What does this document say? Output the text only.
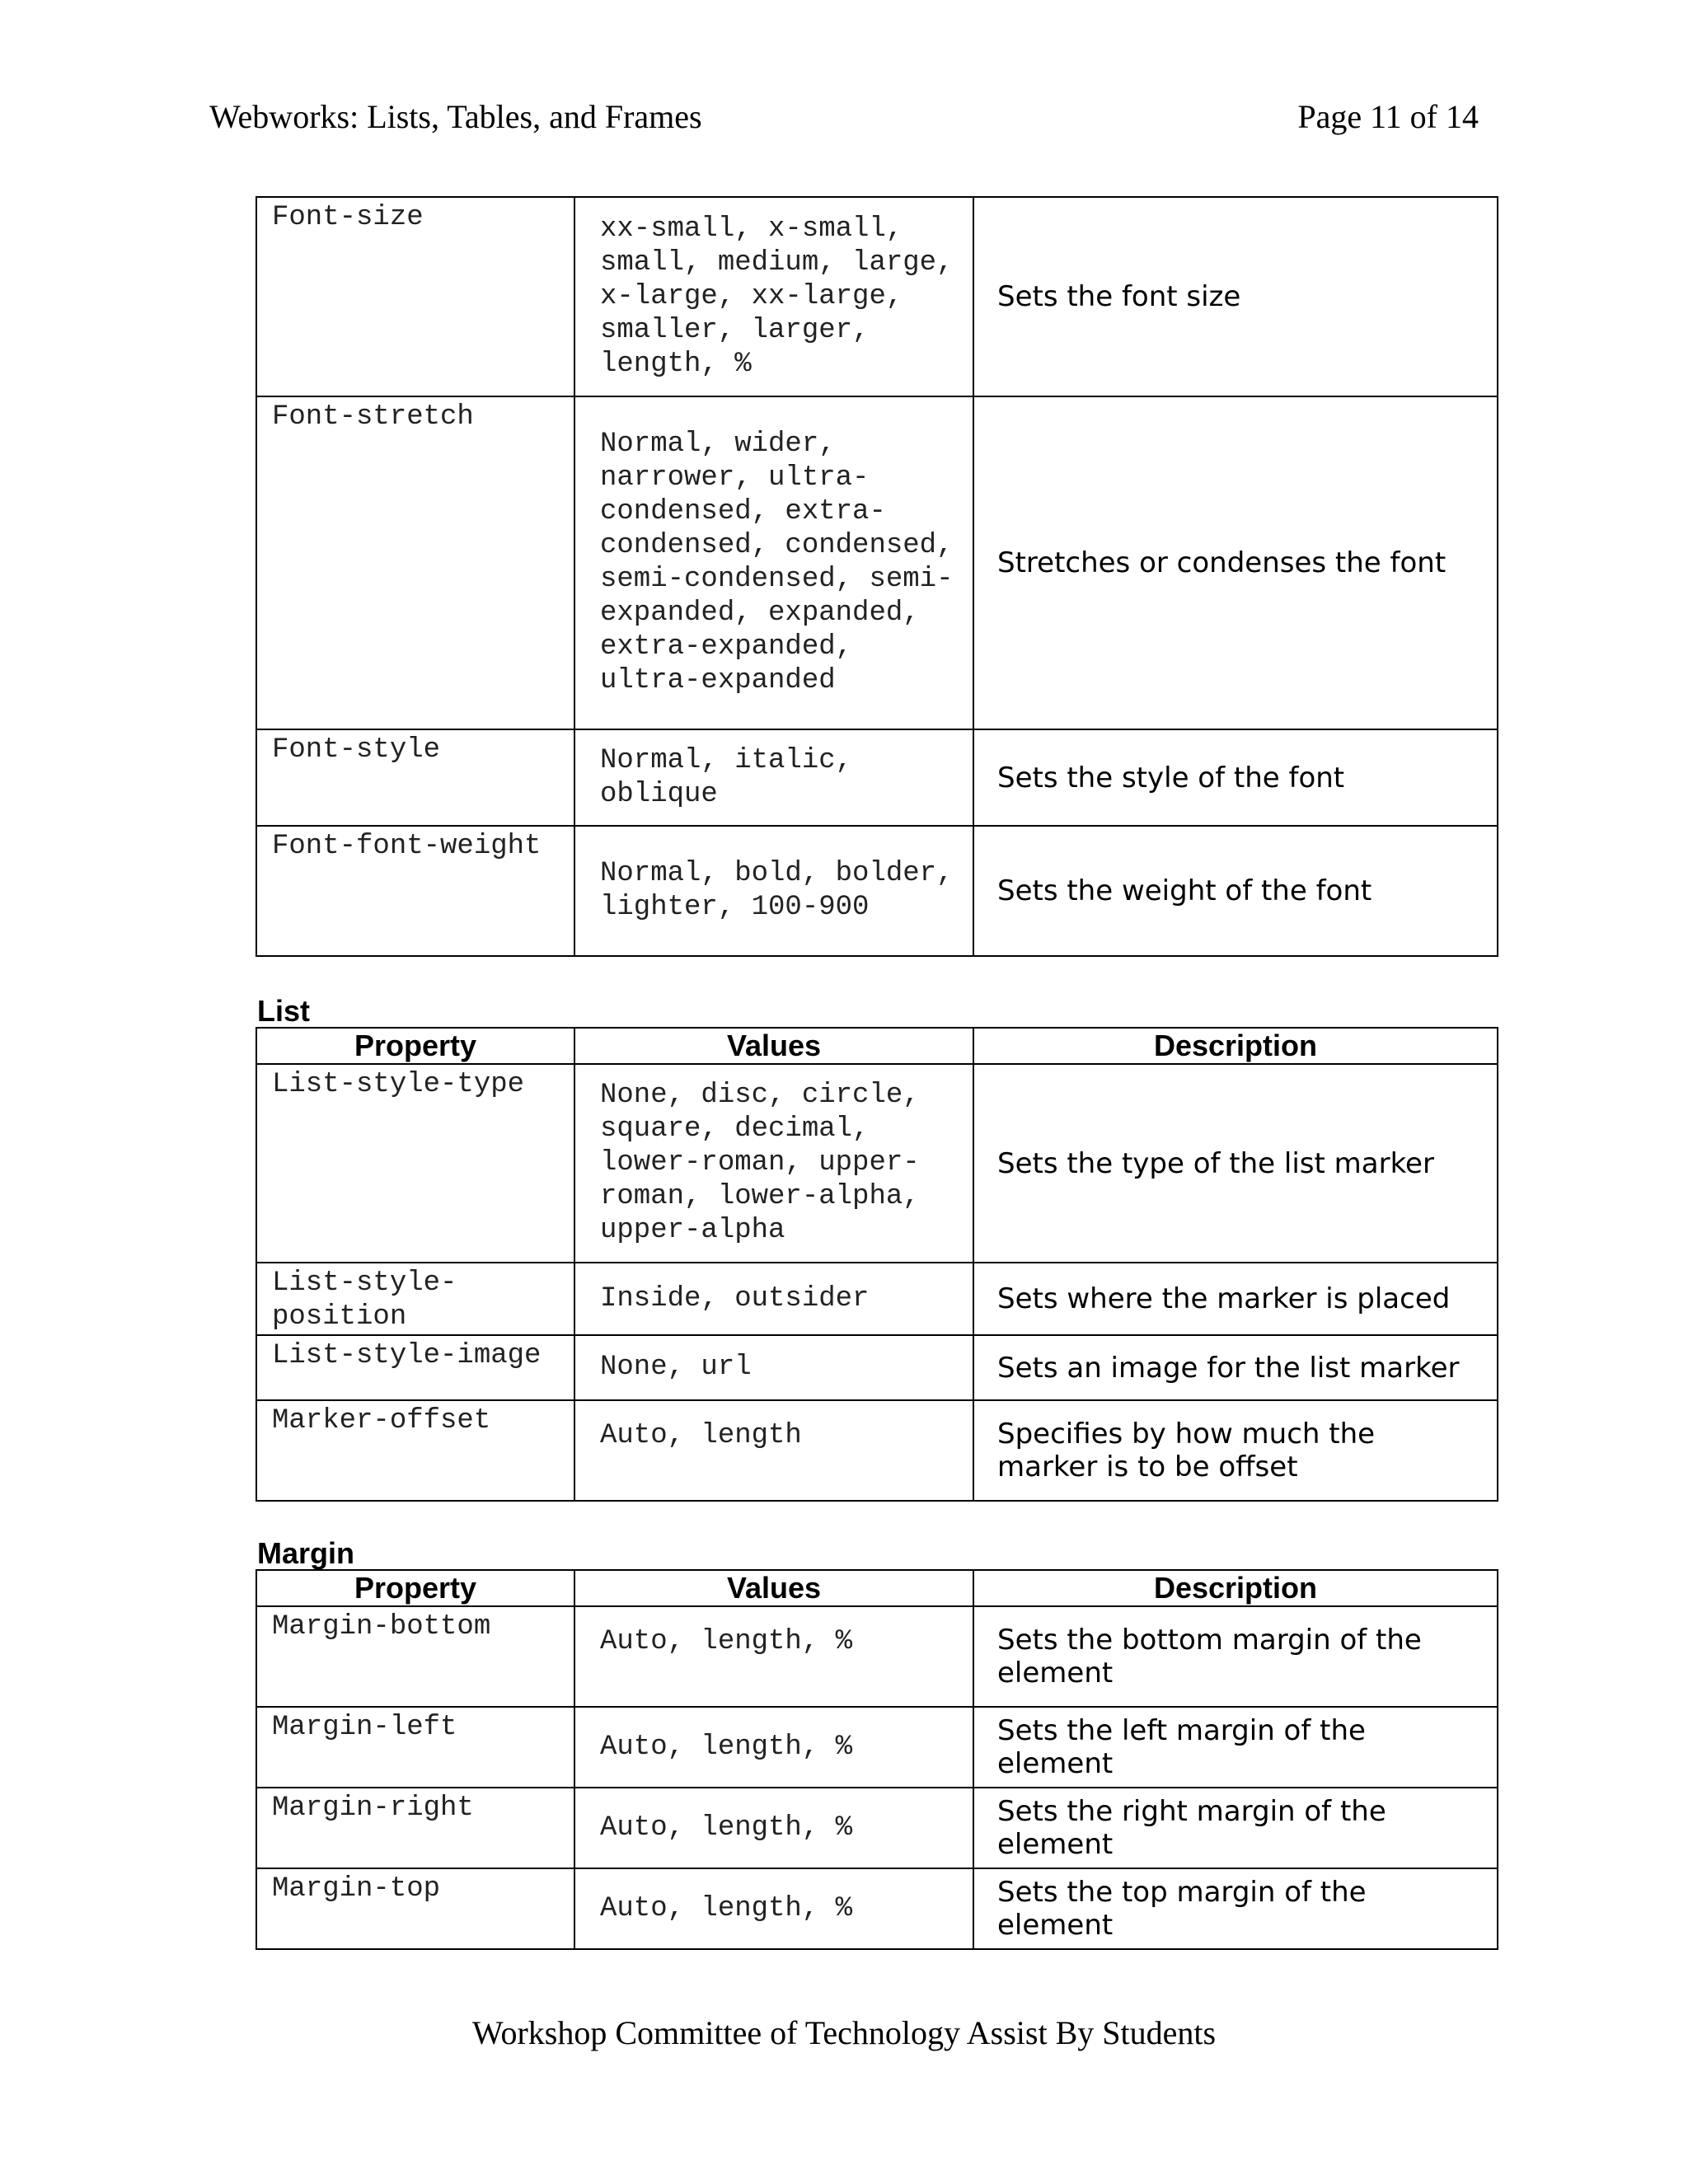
Webworks: Lists, Tables, and Frames	Page 11 of 14
Font-size	xx-small, x-small, small, medium, large, x-large, xx-large, smaller, larger, length, %	Sets the font size
Font-stretch	Normal, wider, narrower, ultra-condensed, extra-condensed, condensed, semi-condensed, semi-expanded, expanded, extra-expanded, ultra-expanded	Stretches or condenses the font
Font-style	Normal, italic, oblique	Sets the style of the font
Font-font-weight	Normal, bold, bolder, lighter, 100-900	Sets the weight of the font
List
Property	Values	Description
List-style-type	None, disc, circle, square, decimal, lower-roman, upper-roman, lower-alpha, upper-alpha	Sets the type of the list marker
List-style-position	Inside, outsider	Sets where the marker is placed
List-style-image	None, url	Sets an image for the list marker
Marker-offset	Auto, length	Specifies by how much the marker is to be offset
Margin
Property	Values	Description
Margin-bottom	Auto, length, %	Sets the bottom margin of the element
Margin-left	Auto, length, %	Sets the left margin of the element
Margin-right	Auto, length, %	Sets the right margin of the element
Margin-top	Auto, length, %	Sets the top margin of the element
Workshop Committee of Technology Assist By Students
